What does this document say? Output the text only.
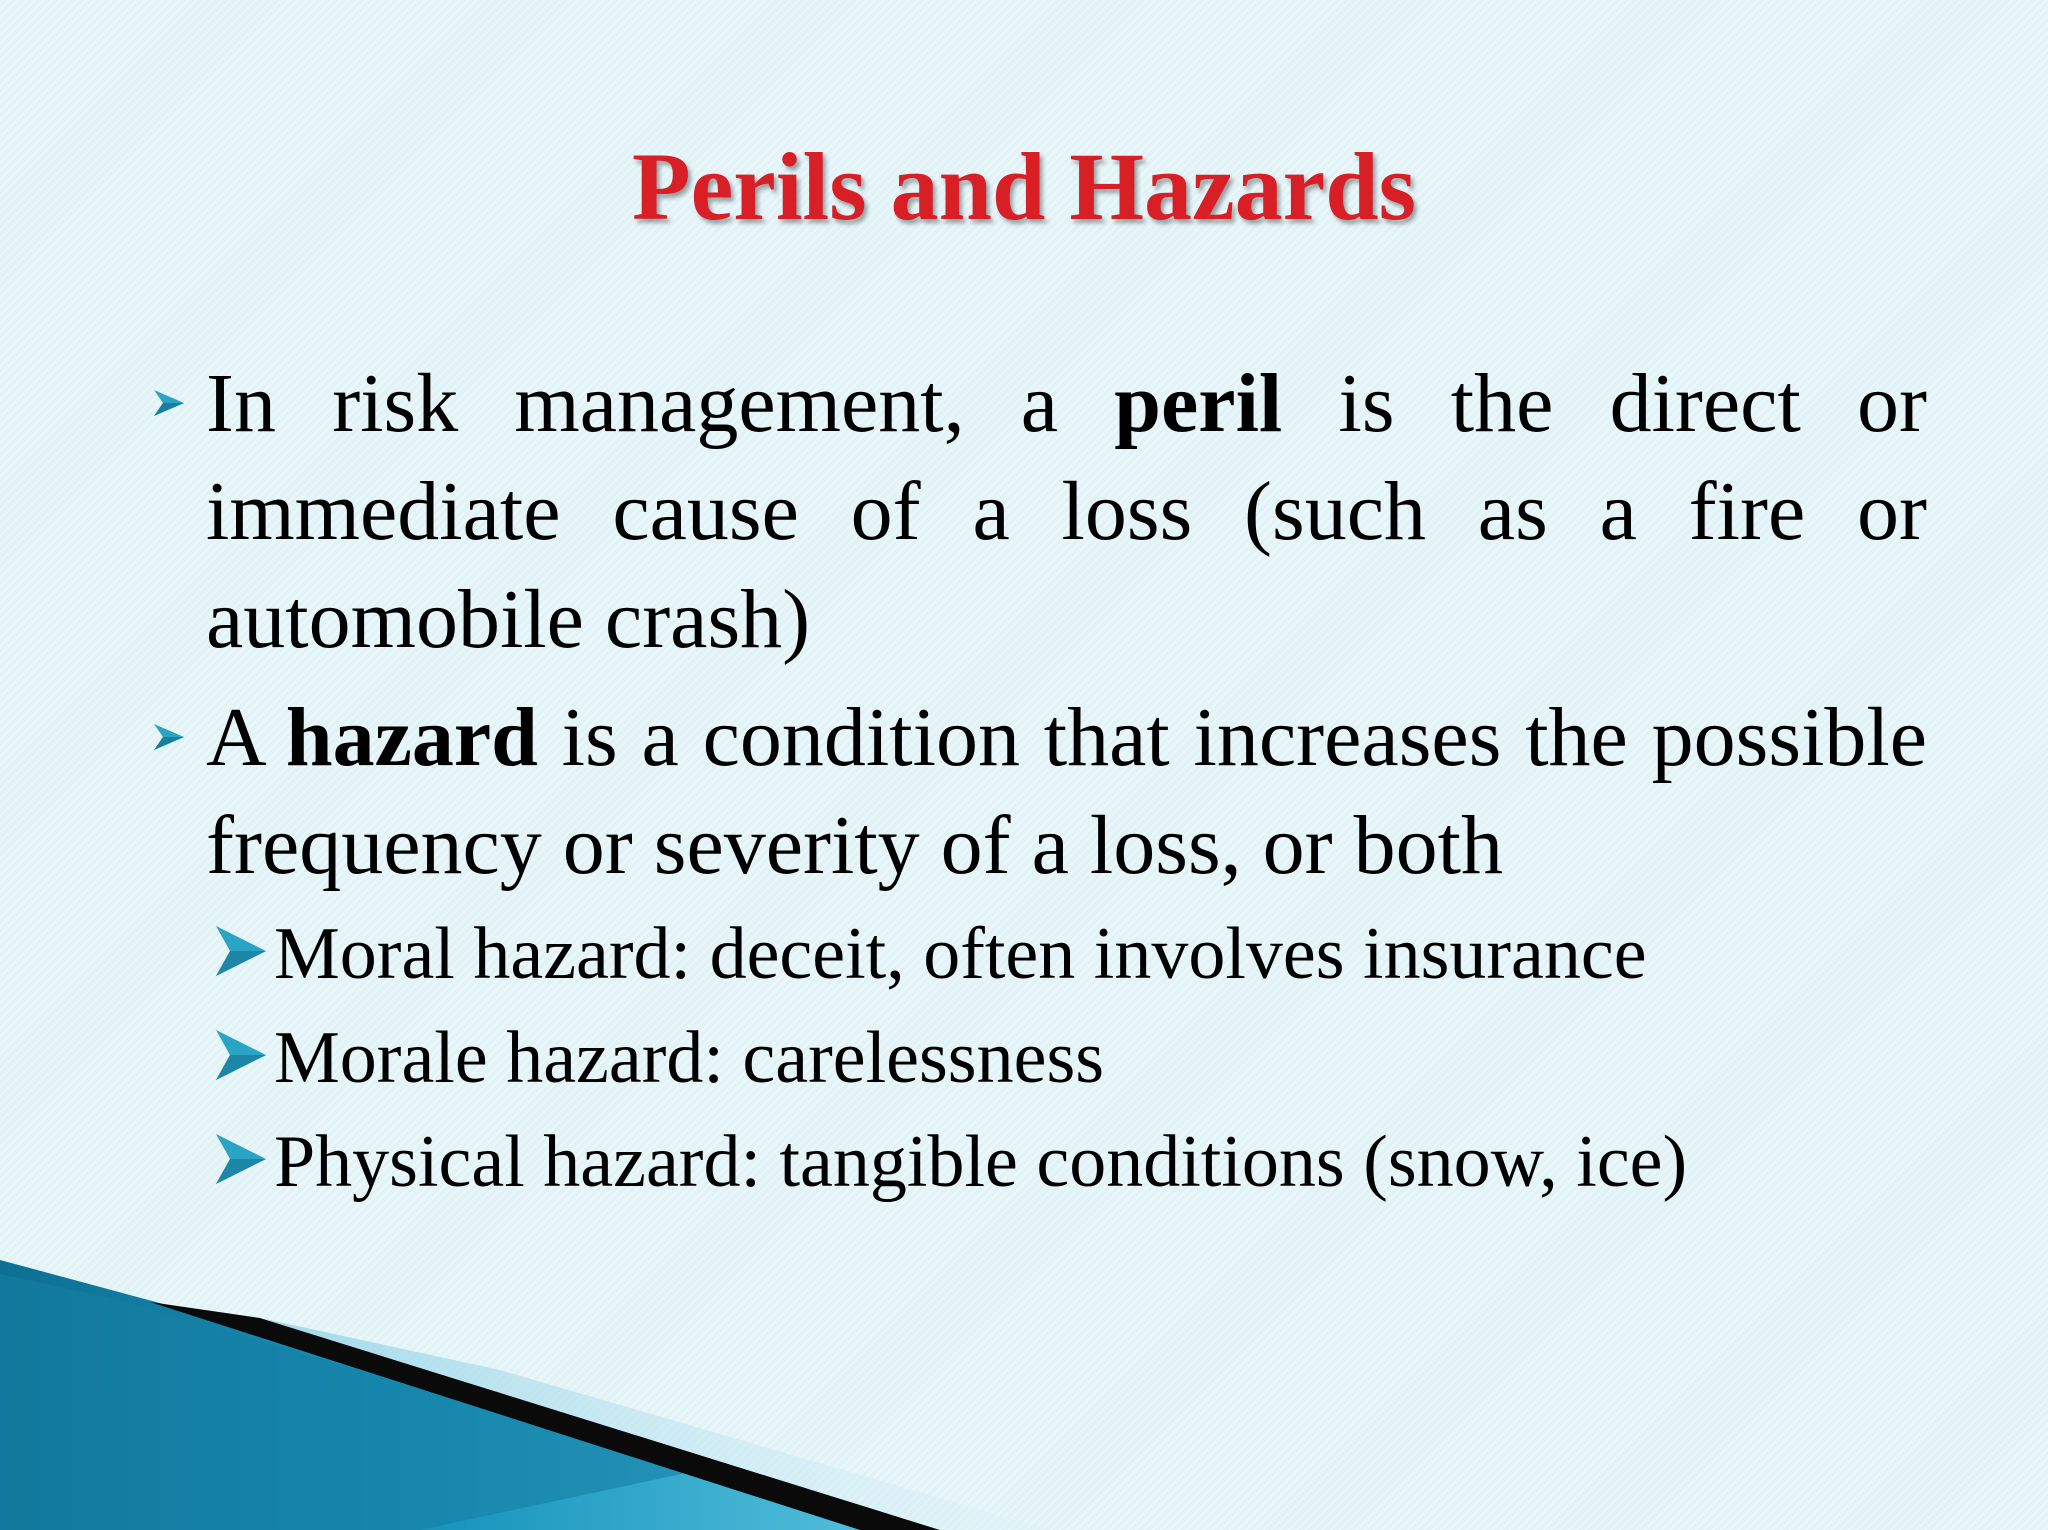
Perils and Hazards
In risk management, a peril is the direct or immediate cause of a loss (such as a fire or automobile crash)
A hazard is a condition that increases the possible frequency or severity of a loss, or both
Moral hazard: deceit, often involves insurance
Morale hazard: carelessness
Physical hazard: tangible conditions (snow, ice)
